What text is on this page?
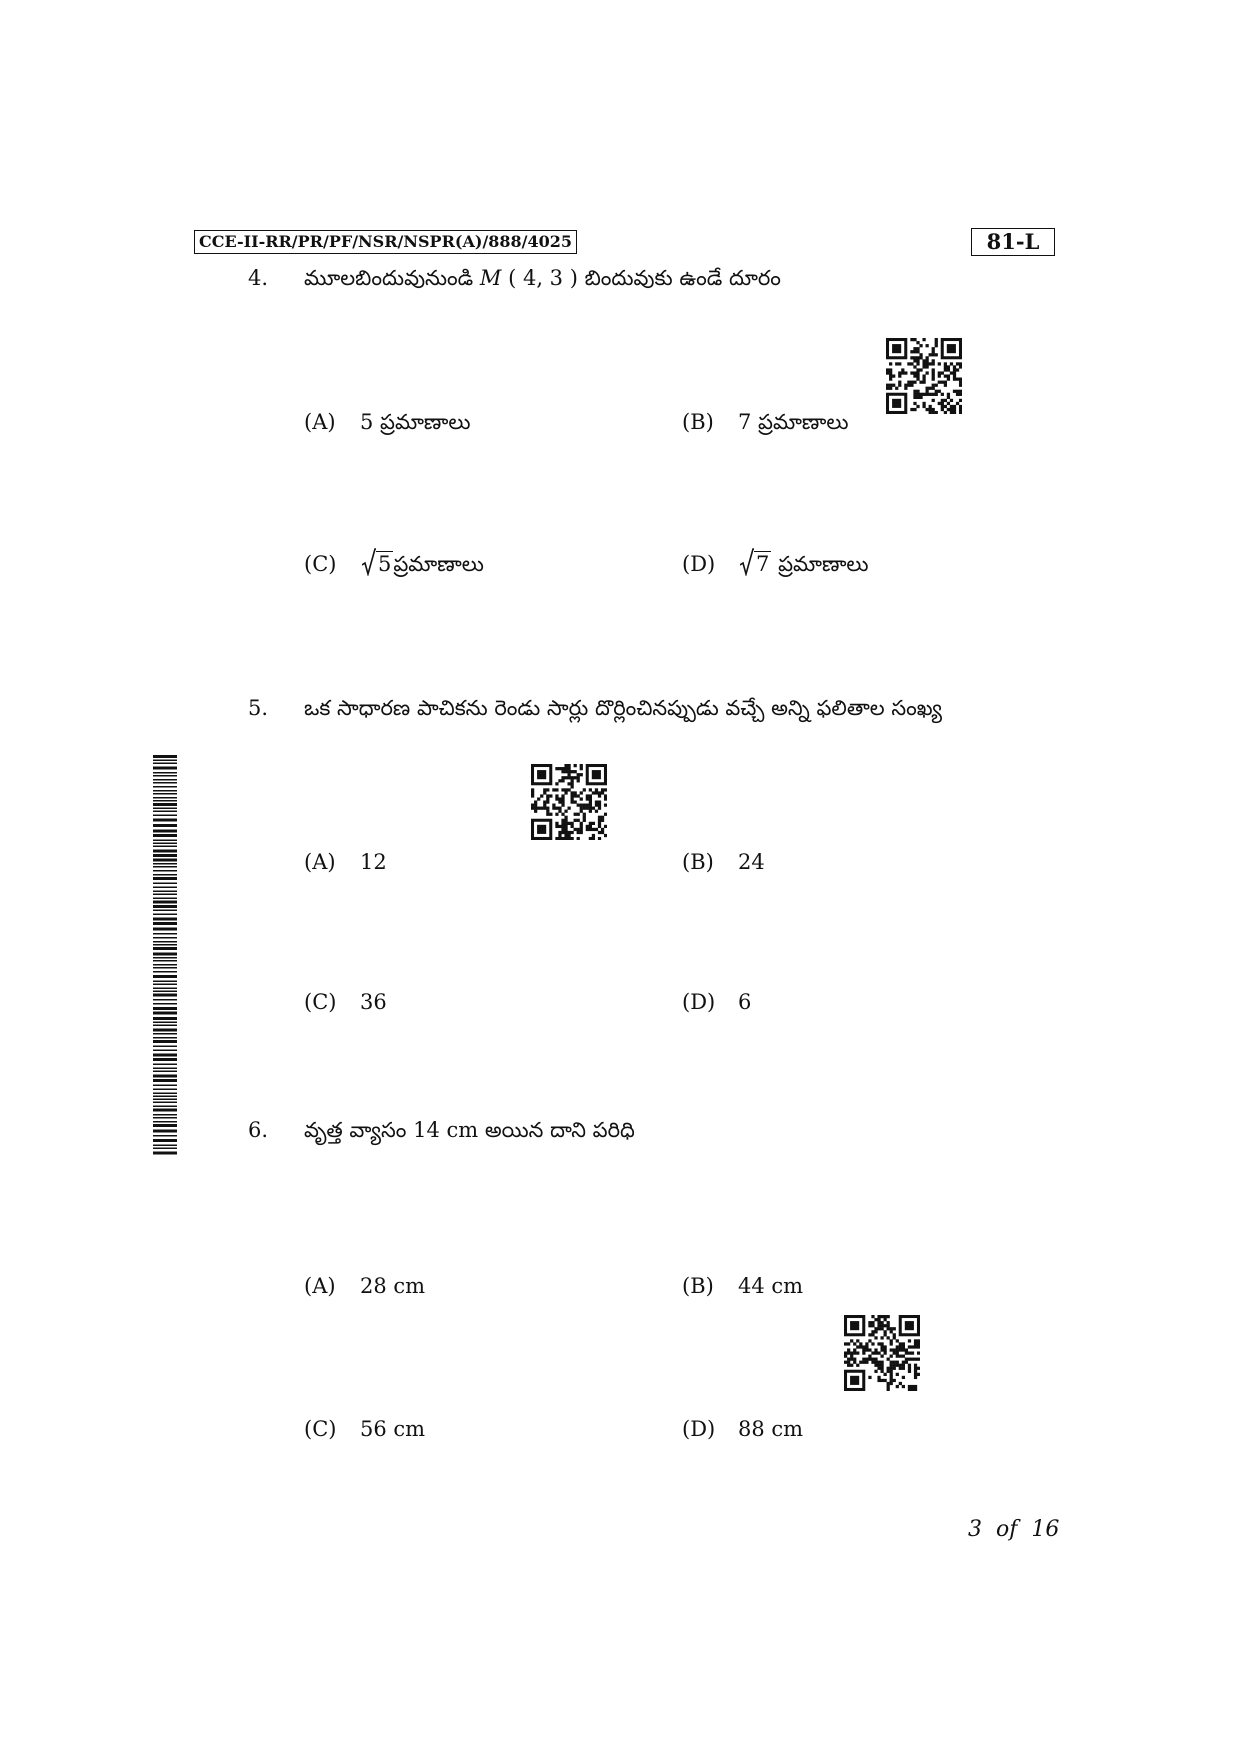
CCE-II-RR/PR/PF/NSR/NSPR(A)/888/4025	81-L
4. మూలబిందువునుండి M ( 4, 3 ) బిందువుకు ఉండే దూరం
(A) 5 ప్రమాణాలు	(B) 7 ప్రమాణాలు
(C) 5ప్రమాణాలు	(D) 7 ప్రమాణాలు
5. ఒక సాధారణ పాచికను రెండు సార్లు దొర్లించినప్పుడు వచ్చే అన్ని ఫలితాల సంఖ్య
(A) 12	(B) 24
(C) 36	(D) 6
6. వృత్త వ్యాసం 14 cm అయిన దాని పరిధి
(A) 28 cm	(B) 44 cm
(C) 56 cm	(D) 88 cm
3 of 16
